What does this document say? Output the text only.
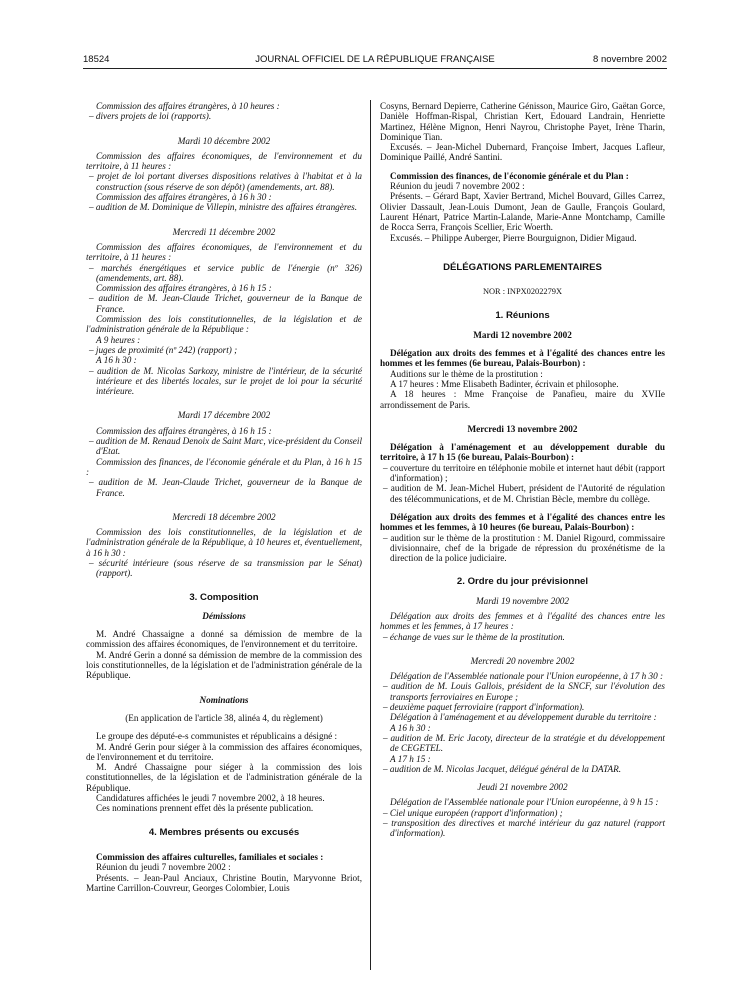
18524	JOURNAL OFFICIEL DE LA RÉPUBLIQUE FRANÇAISE	8 novembre 2002

Commission des affaires étrangères, à 10 heures :

– divers projets de loi (rapports).

Mardi 10 décembre 2002

Commission des affaires économiques, de l'environnement et du territoire, à 11 heures :

– projet de loi portant diverses dispositions relatives à l'habitat et à la construction (sous réserve de son dépôt) (amendements, art. 88).

Commission des affaires étrangères, à 16 h 30 :

– audition de M. Dominique de Villepin, ministre des affaires étrangères.

Mercredi 11 décembre 2002

Commission des affaires économiques, de l'environnement et du territoire, à 11 heures :

– marchés énergétiques et service public de l'énergie (nº 326) (amendements, art. 88).

Commission des affaires étrangères, à 16 h 15 :

– audition de M. Jean-Claude Trichet, gouverneur de la Banque de France.

Commission des lois constitutionnelles, de la législation et de l'administration générale de la République :

A 9 heures :

– juges de proximité (nº 242) (rapport) ;

A 16 h 30 :

– audition de M. Nicolas Sarkozy, ministre de l'intérieur, de la sécurité intérieure et des libertés locales, sur le projet de loi pour la sécurité intérieure.

Mardi 17 décembre 2002

Commission des affaires étrangères, à 16 h 15 :

– audition de M. Renaud Denoix de Saint Marc, vice-président du Conseil d'Etat.

Commission des finances, de l'économie générale et du Plan, à 16 h 15 :

– audition de M. Jean-Claude Trichet, gouverneur de la Banque de France.

Mercredi 18 décembre 2002

Commission des lois constitutionnelles, de la législation et de l'administration générale de la République, à 10 heures et, éventuellement, à 16 h 30 :

– sécurité intérieure (sous réserve de sa transmission par le Sénat) (rapport).

3. Composition

Démissions

M. André Chassaigne a donné sa démission de membre de la commission des affaires économiques, de l'environnement et du territoire.

M. André Gerin a donné sa démission de membre de la commission des lois constitutionnelles, de la législation et de l'administration générale de la République.

Nominations

(En application de l'article 38, alinéa 4, du règlement)

Le groupe des député-e-s communistes et républicains a désigné :

M. André Gerin pour siéger à la commission des affaires économiques, de l'environnement et du territoire.

M. André Chassaigne pour siéger à la commission des lois constitutionnelles, de la législation et de l'administration générale de la République.

Candidatures affichées le jeudi 7 novembre 2002, à 18 heures.

Ces nominations prennent effet dès la présente publication.

4. Membres présents ou excusés

Commission des affaires culturelles, familiales et sociales :

Réunion du jeudi 7 novembre 2002 :

Présents. – Jean-Paul Anciaux, Christine Boutin, Maryvonne Briot, Martine Carrillon-Couvreur, Georges Colombier, Louis

Cosyns, Bernard Depierre, Catherine Génisson, Maurice Giro, Gaëtan Gorce, Danièle Hoffman-Rispal, Christian Kert, Edouard Landrain, Henriette Martinez, Hélène Mignon, Henri Nayrou, Christophe Payet, Irène Tharin, Dominique Tian.

Excusés. – Jean-Michel Dubernard, Françoise Imbert, Jacques Lafleur, Dominique Paillé, André Santini.

Commission des finances, de l'économie générale et du Plan :

Réunion du jeudi 7 novembre 2002 :

Présents. – Gérard Bapt, Xavier Bertrand, Michel Bouvard, Gilles Carrez, Olivier Dassault, Jean-Louis Dumont, Jean de Gaulle, François Goulard, Laurent Hénart, Patrice Martin-Lalande, Marie-Anne Montchamp, Camille de Rocca Serra, François Scellier, Eric Woerth.

Excusés. – Philippe Auberger, Pierre Bourguignon, Didier Migaud.

DÉLÉGATIONS PARLEMENTAIRES

NOR : INPX0202279X

1. Réunions

Mardi 12 novembre 2002

Délégation aux droits des femmes et à l'égalité des chances entre les hommes et les femmes (6e bureau, Palais-Bourbon) :

Auditions sur le thème de la prostitution :

A 17 heures : Mme Elisabeth Badinter, écrivain et philosophe.

A 18 heures : Mme Françoise de Panafieu, maire du XVIIe arrondissement de Paris.

Mercredi 13 novembre 2002

Délégation à l'aménagement et au développement durable du territoire, à 17 h 15 (6e bureau, Palais-Bourbon) :

– couverture du territoire en téléphonie mobile et internet haut débit (rapport d'information) ;

– audition de M. Jean-Michel Hubert, président de l'Autorité de régulation des télécommunications, et de M. Christian Bècle, membre du collège.

Délégation aux droits des femmes et à l'égalité des chances entre les hommes et les femmes, à 10 heures (6e bureau, Palais-Bourbon) :

– audition sur le thème de la prostitution : M. Daniel Rigourd, commissaire divisionnaire, chef de la brigade de répression du proxénétisme de la direction de la police judiciaire.

2. Ordre du jour prévisionnel

Mardi 19 novembre 2002

Délégation aux droits des femmes et à l'égalité des chances entre les hommes et les femmes, à 17 heures :

– échange de vues sur le thème de la prostitution.

Mercredi 20 novembre 2002

Délégation de l'Assemblée nationale pour l'Union européenne, à 17 h 30 :

– audition de M. Louis Gallois, président de la SNCF, sur l'évolution des transports ferroviaires en Europe ;

– deuxième paquet ferroviaire (rapport d'information).

Délégation à l'aménagement et au développement durable du territoire :

A 16 h 30 :

– audition de M. Eric Jacoty, directeur de la stratégie et du développement de CEGETEL.

A 17 h 15 :

– audition de M. Nicolas Jacquet, délégué général de la DATAR.

Jeudi 21 novembre 2002

Délégation de l'Assemblée nationale pour l'Union européenne, à 9 h 15 :

– Ciel unique européen (rapport d'information) ;

– transposition des directives et marché intérieur du gaz naturel (rapport d'information).
